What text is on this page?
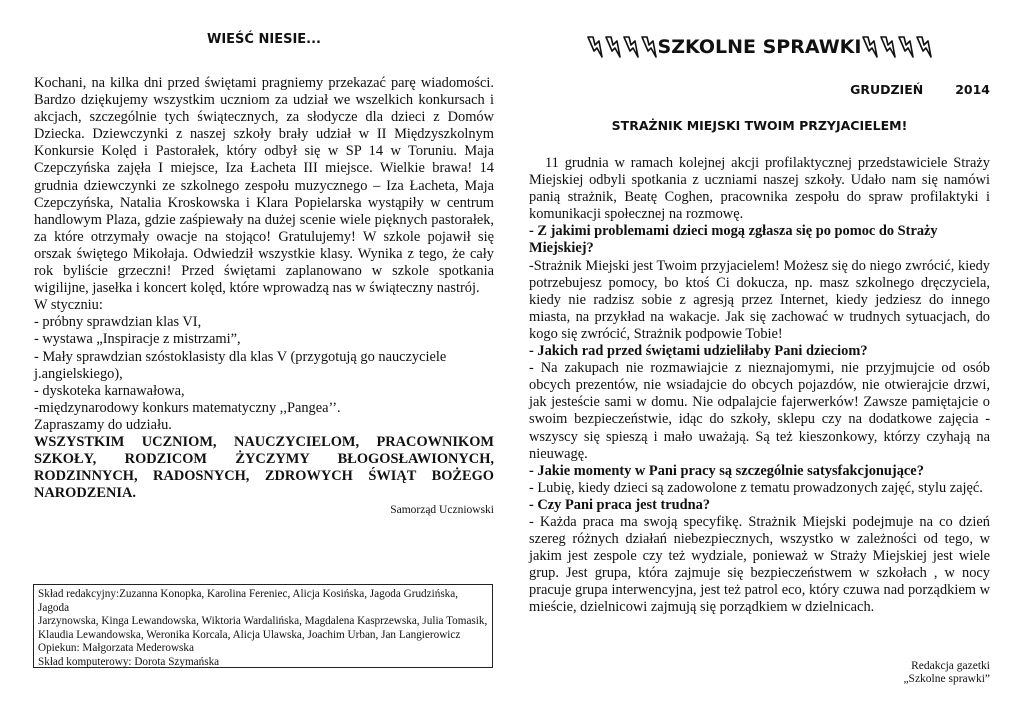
WIEŚĆ NIESIE...

Kochani, na kilka dni przed świętami pragniemy przekazać parę wiadomości. Bardzo dziękujemy wszystkim uczniom za udział we wszelkich konkursach i akcjach, szczególnie tych świątecznych, za słodycze dla dzieci z Domów Dziecka. Dziewczynki z naszej szkoły brały udział w II Międzyszkolnym Konkursie Kolęd i Pastorałek, który odbył się w SP 14 w Toruniu. Maja Czepczyńska zajęła I miejsce, Iza Łacheta III miejsce. Wielkie brawa! 14 grudnia dziewczynki ze szkolnego zespołu muzycznego – Iza Łacheta, Maja Czepczyńska, Natalia Kroskowska i Klara Popielarska wystąpiły w centrum handlowym Plaza, gdzie zaśpiewały na dużej scenie wiele pięknych pastorałek, za które otrzymały owacje na stojąco! Gratulujemy! W szkole pojawił się orszak świętego Mikołaja. Odwiedził wszystkie klasy. Wynika z tego, że cały rok byliście grzeczni! Przed świętami zaplanowano w szkole spotkania wigilijne, jasełka i koncert kolęd, które wprowadzą nas w świąteczny nastrój.

W styczniu:

- próbny sprawdzian klas VI,

- wystawa „Inspiracje z mistrzami”,

- Mały sprawdzian szóstoklasisty dla klas V (przygotują go nauczyciele j.angielskiego),

- dyskoteka karnawałowa,

-międzynarodowy konkurs matematyczny ,,Pangea’’.

Zapraszamy do udziału.

WSZYSTKIM UCZNIOM, NAUCZYCIELOM, PRACOWNIKOM SZKOŁY, RODZICOM ŻYCZYMY BŁOGOSŁAWIONYCH, RODZINNYCH, RADOSNYCH, ZDROWYCH ŚWIĄT BOŻEGO NARODZENIA.

Samorząd Uczniowski

Skład redakcyjny:Zuzanna Konopka, Karolina Fereniec, Alicja Kosińska, Jagoda Grudzińska, Jagoda
Jarzynowska, Kinga Lewandowska, Wiktoria Wardalińska, Magdalena Kasprzewska, Julia Tomasik,
Klaudia Lewandowska, Weronika Korcala, Alicja Ulawska, Joachim Urban, Jan Langierowicz
Opiekun: Małgorzata Mederowska
Skład komputerowy: Dorota Szymańska
SZKOLNE SPRAWKI
GRUDZIEŃ	2014
STRAŻNIK MIEJSKI TWOIM PRZYJACIELEM!

11 grudnia w ramach kolejnej akcji profilaktycznej przedstawiciele Straży Miejskiej odbyli spotkania z uczniami naszej szkoły. Udało nam się namówi panią strażnik, Beatę Coghen, pracownika zespołu do spraw profilaktyki i komunikacji społecznej na rozmowę.

- Z jakimi problemami dzieci mogą zgłasza się po pomoc do Straży Miejskiej?

-Strażnik Miejski jest Twoim przyjacielem! Możesz się do niego zwrócić, kiedy potrzebujesz pomocy, bo ktoś Ci dokucza, np. masz szkolnego dręczyciela, kiedy nie radzisz sobie z agresją przez Internet, kiedy jedziesz do innego miasta, na przykład na wakacje. Jak się zachować w trudnych sytuacjach, do kogo się zwrócić, Strażnik podpowie Tobie!

- Jakich rad przed świętami udzieliłaby Pani dzieciom?

- Na zakupach nie rozmawiajcie z nieznajomymi, nie przyjmujcie od osób obcych prezentów, nie wsiadajcie do obcych pojazdów, nie otwierajcie drzwi, jak jesteście sami w domu. Nie odpalajcie fajerwerków! Zawsze pamiętajcie o swoim bezpieczeństwie, idąc do szkoły, sklepu czy na dodatkowe zajęcia - wszyscy się spieszą i mało uważają. Są też kieszonkowy, którzy czyhają na nieuwagę.

- Jakie momenty w Pani pracy są szczególnie satysfakcjonujące?

- Lubię, kiedy dzieci są zadowolone z tematu prowadzonych zajęć, stylu zajęć.

- Czy Pani praca jest trudna?

- Każda praca ma swoją specyfikę. Strażnik Miejski podejmuje na co dzień szereg różnych działań niebezpiecznych, wszystko w zależności od tego, w jakim jest zespole czy też wydziale, ponieważ w Straży Miejskiej jest wiele grup. Jest grupa, która zajmuje się bezpieczeństwem w szkołach , w nocy pracuje grupa interwencyjna, jest też patrol eco, który czuwa nad porządkiem w mieście, dzielnicowi zajmują się porządkiem w dzielnicach.

Redakcja gazetki
„Szkolne sprawki”
